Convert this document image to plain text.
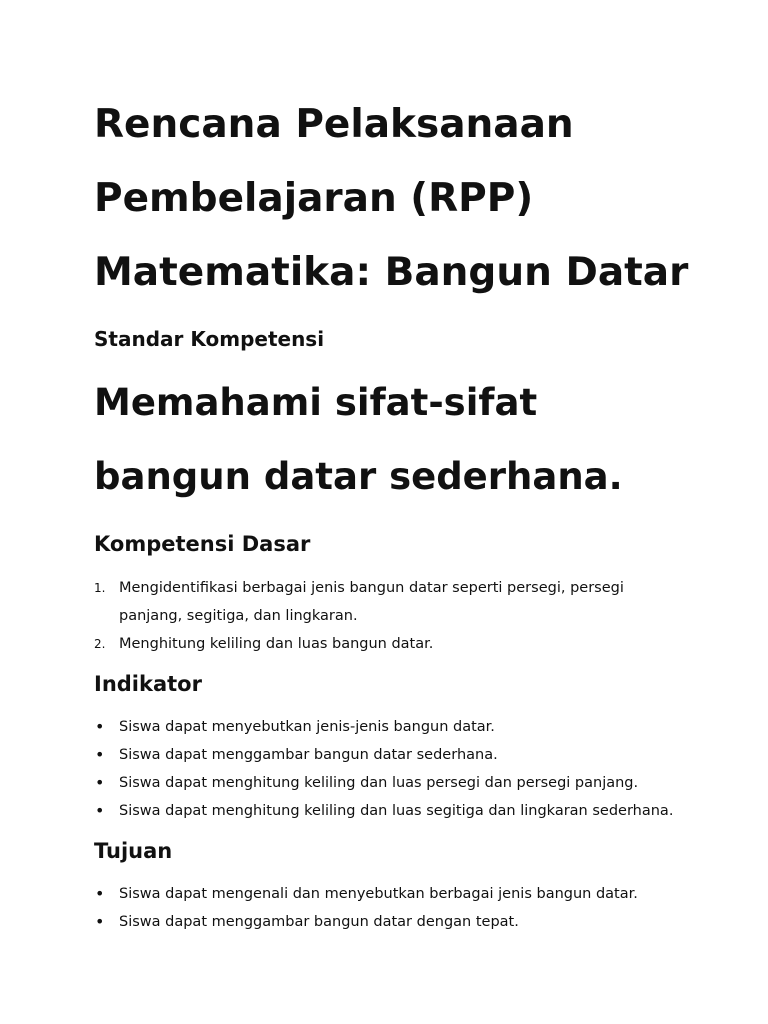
Rencana Pelaksanaan
Pembelajaran (RPP)
Matematika: Bangun Datar
Standar Kompetensi
Memahami sifat-sifat
bangun datar sederhana.
Kompetensi Dasar
1. Mengidentifikasi berbagai jenis bangun datar seperti persegi, persegi
panjang, segitiga, dan lingkaran.
2. Menghitung keliling dan luas bangun datar.
Indikator
•	Siswa dapat menyebutkan jenis-jenis bangun datar.
•	Siswa dapat menggambar bangun datar sederhana.
•	Siswa dapat menghitung keliling dan luas persegi dan persegi panjang.
•	Siswa dapat menghitung keliling dan luas segitiga dan lingkaran sederhana.
Tujuan
•	Siswa dapat mengenali dan menyebutkan berbagai jenis bangun datar.
•	Siswa dapat menggambar bangun datar dengan tepat.
